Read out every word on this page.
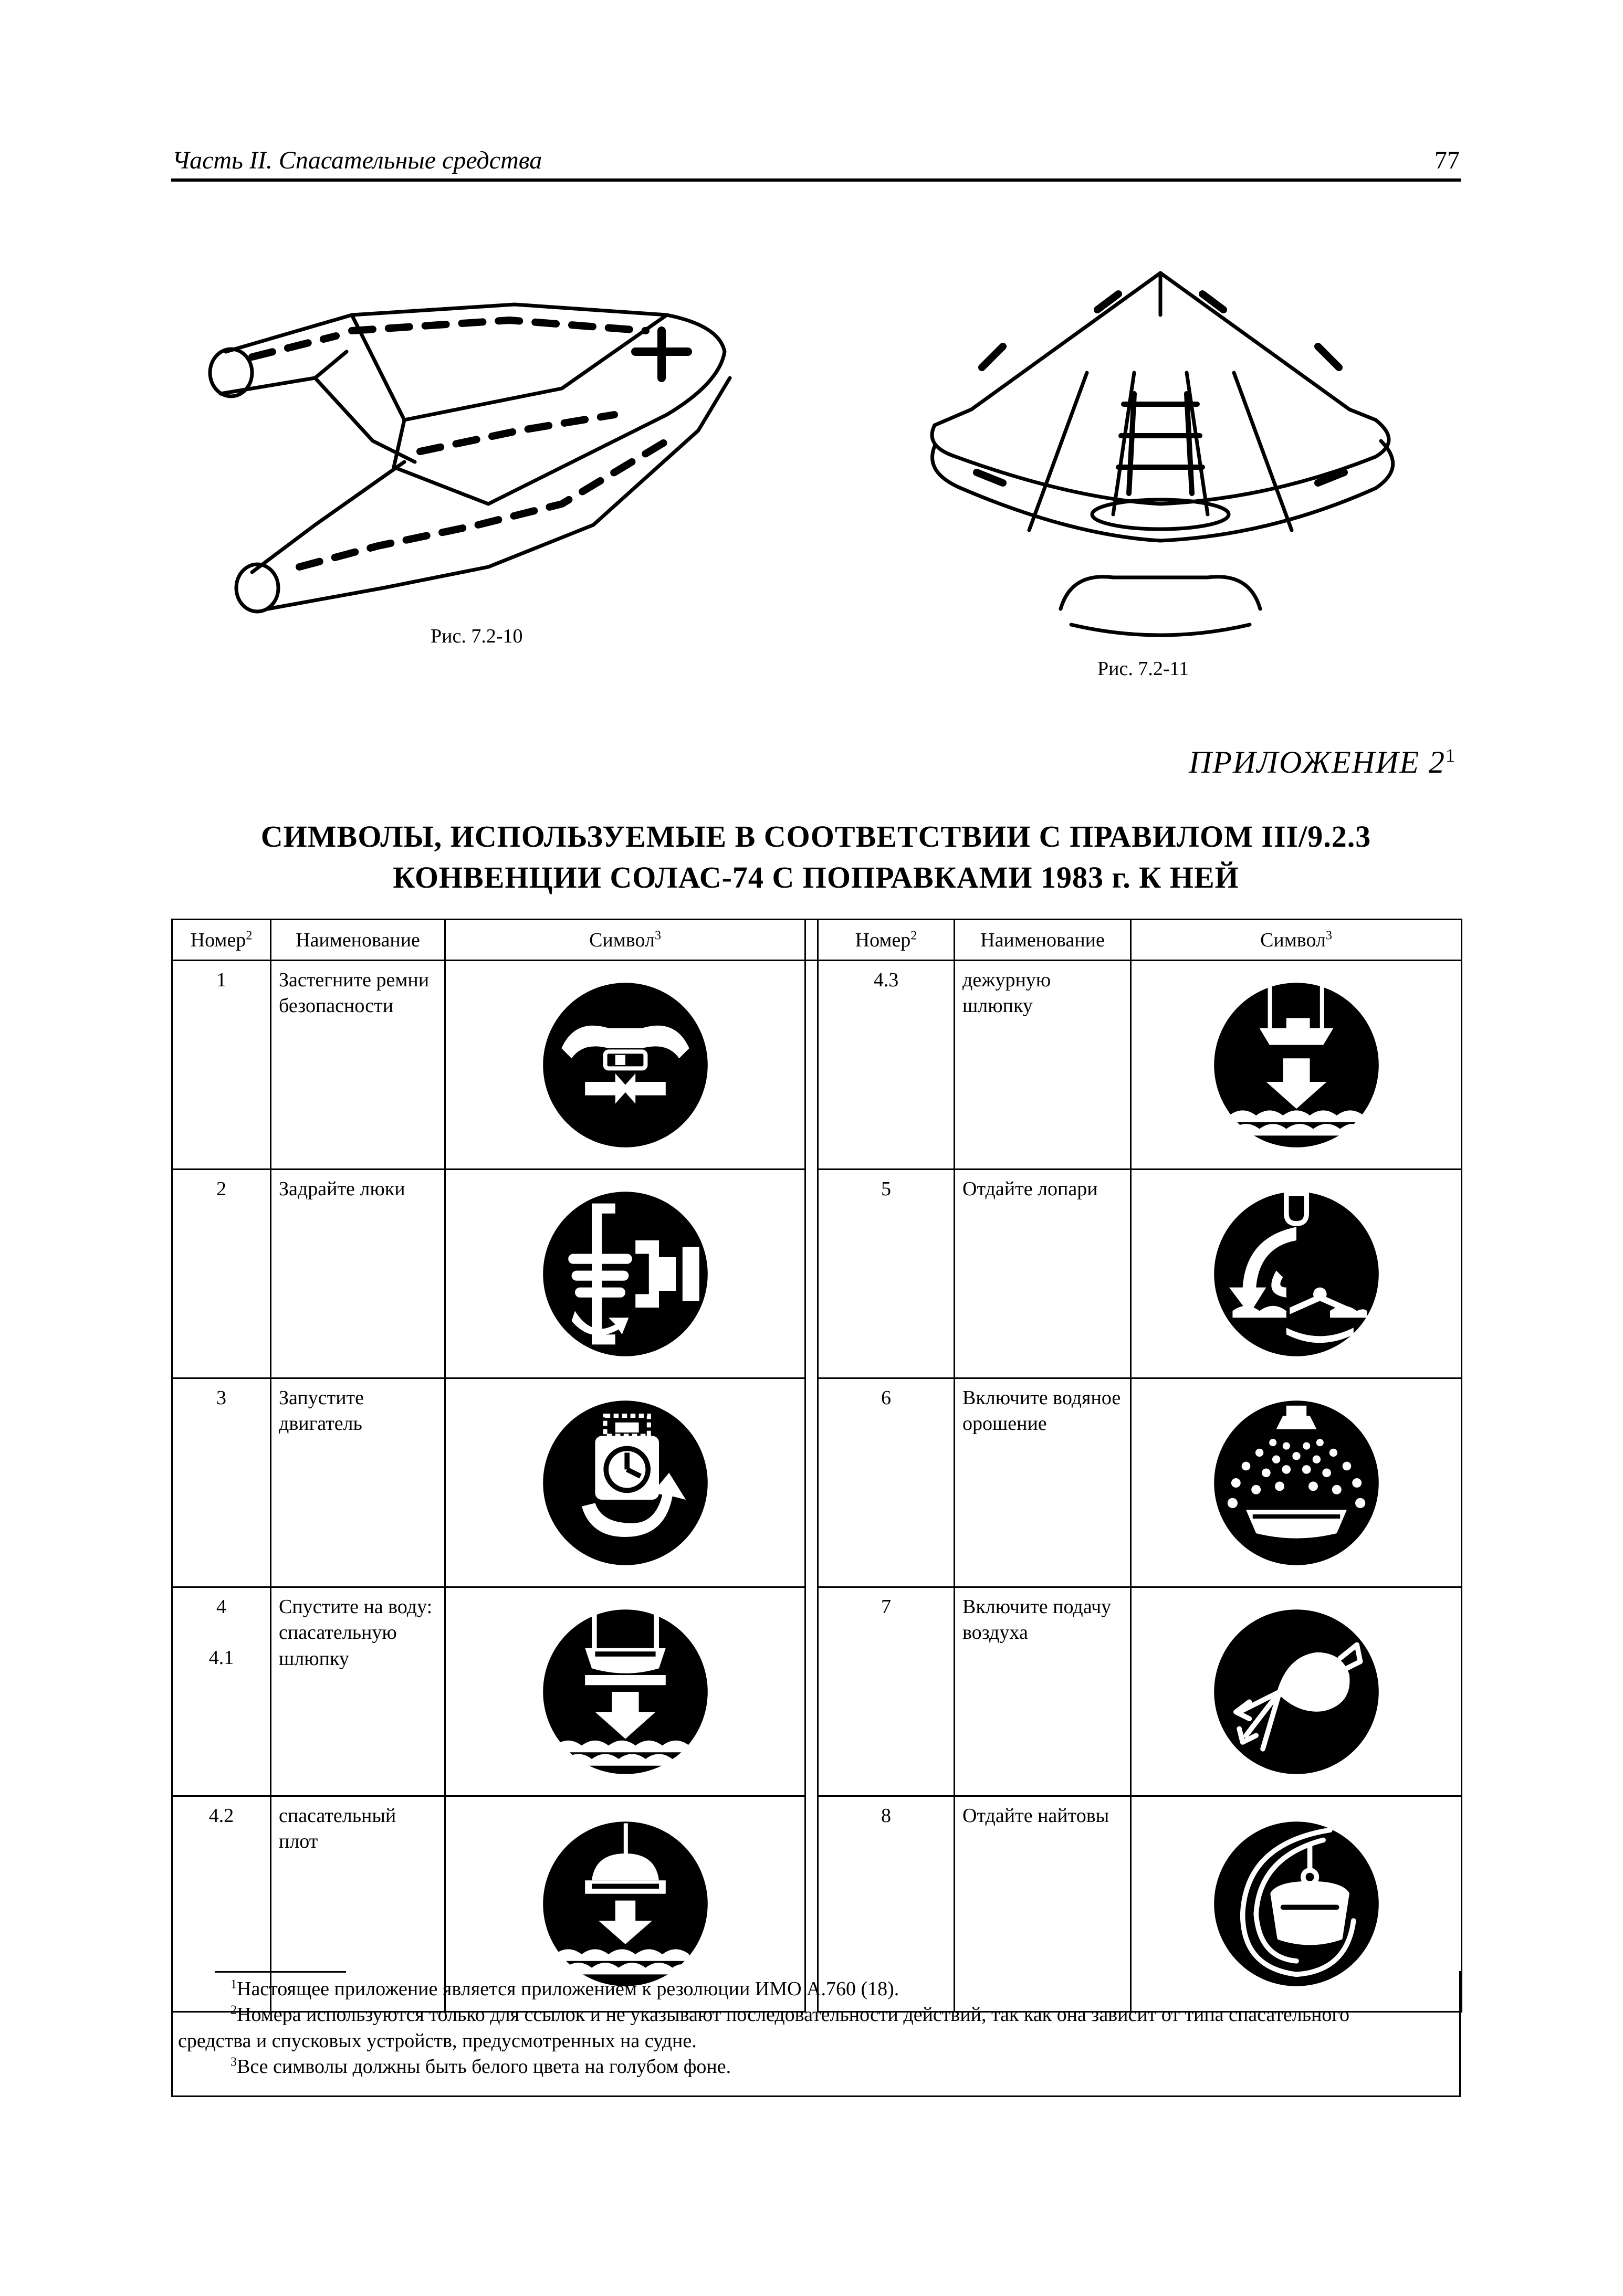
Часть II. Спасательные средства	77
Рис. 7.2-10
Рис. 7.2-11
ПРИЛОЖЕНИЕ $2^1$
СИМВОЛЫ, ИСПОЛЬЗУЕМЫЕ В СООТВЕТСТВИИ С ПРАВИЛОМ III/9.2.3
КОНВЕНЦИИ СОЛАС-74 С ПОПРАВКАМИ 1983 г. К НЕЙ
Номер$^2$	Наименование	Символ$^3$		Номер$^2$	Наименование	Символ$^3$
1	Застегните ремни безопасности			4.3	дежурную шлюпку	

2	Задрайте люки			5	Отдайте лопари	

3	Запустите двигатель			6	Включите водяное орошение	

4
4.1	Спустите на воду: спасательную шлюпку			7	Включите подачу воздуха	

4.2	спасательный плот			8	Отдайте найтовы	

$^1$Настоящее приложение является приложением к резолюции ИМО А.760 (18).

$^2$Номера используются только для ссылок и не указывают последовательности действий, так как она зависит от типа спасательного

средства и спусковых устройств, предусмотренных на судне.

$^3$Все символы должны быть белого цвета на голубом фоне.
